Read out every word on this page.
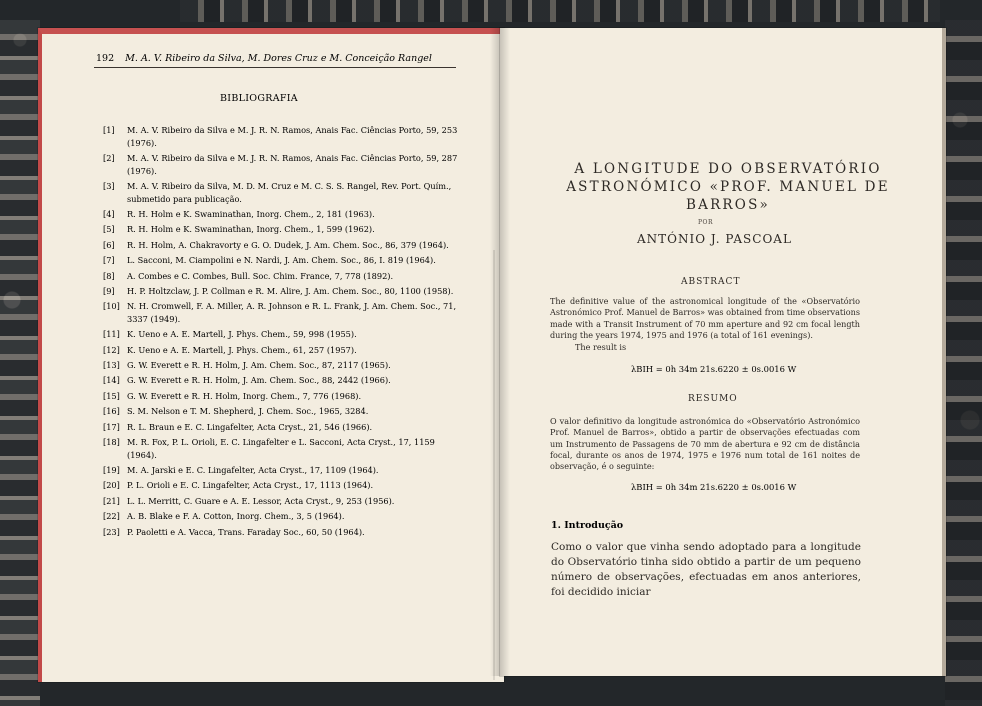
192 M. A. V. Ribeiro da Silva, M. Dores Cruz e M. Conceição Rangel
BIBLIOGRAFIA
[1]	M. A. V. Ribeiro da Silva e M. J. R. N. Ramos, Anais Fac. Ciências Porto, 59, 253 (1976).
[2]	M. A. V. Ribeiro da Silva e M. J. R. N. Ramos, Anais Fac. Ciências Porto, 59, 287 (1976).
[3]	M. A. V. Ribeiro da Silva, M. D. M. Cruz e M. C. S. S. Rangel, Rev. Port. Quím., submetido para publicação.
[4]	R. H. Holm e K. Swaminathan, Inorg. Chem., 2, 181 (1963).
[5]	R. H. Holm e K. Swaminathan, Inorg. Chem., 1, 599 (1962).
[6]	R. H. Holm, A. Chakravorty e G. O. Dudek, J. Am. Chem. Soc., 86, 379 (1964).
[7]	L. Sacconi, M. Ciampolini e N. Nardi, J. Am. Chem. Soc., 86, I. 819 (1964).
[8]	A. Combes e C. Combes, Bull. Soc. Chim. France, 7, 778 (1892).
[9]	H. P. Holtzclaw, J. P. Collman e R. M. Alire, J. Am. Chem. Soc., 80, 1100 (1958).
[10] N. H. Cromwell, F. A. Miller, A. R. Johnson e R. L. Frank, J. Am. Chem. Soc., 71, 3337 (1949).
[11] K. Ueno e A. E. Martell, J. Phys. Chem., 59, 998 (1955).
[12] K. Ueno e A. E. Martell, J. Phys. Chem., 61, 257 (1957).
[13] G. W. Everett e R. H. Holm, J. Am. Chem. Soc., 87, 2117 (1965).
[14] G. W. Everett e R. H. Holm, J. Am. Chem. Soc., 88, 2442 (1966).
[15] G. W. Everett e R. H. Holm, Inorg. Chem., 7, 776 (1968).
[16] S. M. Nelson e T. M. Shepherd, J. Chem. Soc., 1965, 3284.
[17] R. L. Braun e E. C. Lingafelter, Acta Cryst., 21, 546 (1966).
[18] M. R. Fox, P. L. Orioli, E. C. Lingafelter e L. Sacconi, Acta Cryst., 17, 1159 (1964).
[19] M. A. Jarski e E. C. Lingafelter, Acta Cryst., 17, 1109 (1964).
[20] P. L. Orioli e E. C. Lingafelter, Acta Cryst., 17, 1113 (1964).
[21] L. L. Merritt, C. Guare e A. E. Lessor, Acta Cryst., 9, 253 (1956).
[22] A. B. Blake e F. A. Cotton, Inorg. Chem., 3, 5 (1964).
[23] P. Paoletti e A. Vacca, Trans. Faraday Soc., 60, 50 (1964).
A LONGITUDE DO OBSERVATÓRIO
ASTRONÓMICO «PROF. MANUEL DE BARROS»
POR
ANTÓNIO J. PASCOAL
ABSTRACT
The definitive value of the astronomical longitude of the «Observatório Astronómico Prof. Manuel de Barros» was obtained from time observations made with a Transit Instrument of 70 mm aperture and 92 cm focal length during the years 1974, 1975 and 1976 (a total of 161 evenings).
The result is
λBIH = 0h 34m 21s.6220 ± 0s.0016 W
RESUMO
O valor definitivo da longitude astronómica do «Observatório Astronómico Prof. Manuel de Barros», obtido a partir de observações efectuadas com um Instrumento de Passagens de 70 mm de abertura e 92 cm de distância focal, durante os anos de 1974, 1975 e 1976 num total de 161 noites de observação, é o seguinte:
λBIH = 0h 34m 21s.6220 ± 0s.0016 W
1. Introdução
Como o valor que vinha sendo adoptado para a longitude do Observatório tinha sido obtido a partir de um pequeno número de observações, efectuadas em anos anteriores, foi decidido iniciar
